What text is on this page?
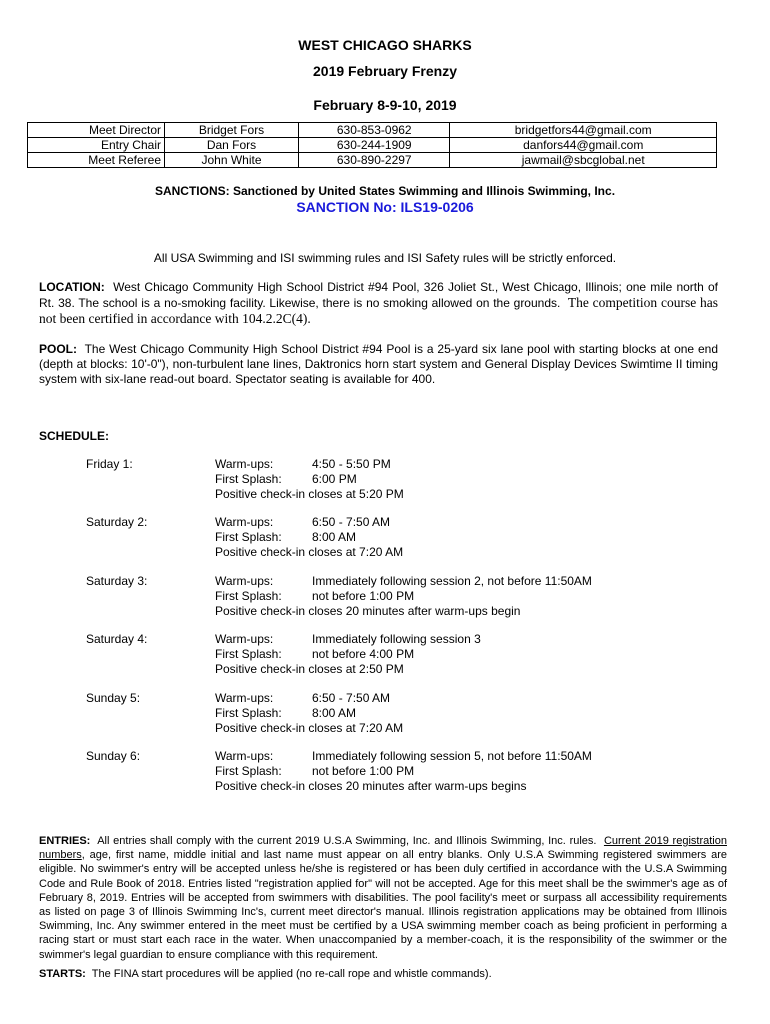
WEST CHICAGO SHARKS
2019 February Frenzy
February 8-9-10, 2019
Meet Director	Bridget Fors	630-853-0962	bridgetfors44@gmail.com
Entry Chair	Dan Fors	630-244-1909	danfors44@gmail.com
Meet Referee	John White	630-890-2297	jawmail@sbcglobal.net
SANCTIONS: Sanctioned by United States Swimming and Illinois Swimming, Inc.
SANCTION No: ILS19-0206
All USA Swimming and ISI swimming rules and ISI Safety rules will be strictly enforced.
LOCATION: West Chicago Community High School District #94 Pool, 326 Joliet St., West Chicago, Illinois; one mile north of Rt. 38. The school is a no-smoking facility. Likewise, there is no smoking allowed on the grounds. The competition course has not been certified in accordance with 104.2.2C(4).
POOL: The West Chicago Community High School District #94 Pool is a 25-yard six lane pool with starting blocks at one end (depth at blocks: 10'-0"), non-turbulent lane lines, Daktronics horn start system and General Display Devices Swimtime II timing system with six-lane read-out board. Spectator seating is available for 400.
SCHEDULE:
Friday 1:	Warm-ups:	4:50 - 5:50 PM
First Splash:	6:00 PM
Positive check-in closes at 5:20 PM
Saturday 2:	Warm-ups:	6:50 - 7:50 AM
First Splash:	8:00 AM
Positive check-in closes at 7:20 AM
Saturday 3:	Warm-ups:	Immediately following session 2, not before 11:50AM
First Splash:	not before 1:00 PM
Positive check-in closes 20 minutes after warm-ups begin
Saturday 4:	Warm-ups:	Immediately following session 3
First Splash:	not before 4:00 PM
Positive check-in closes at 2:50 PM
Sunday 5:	Warm-ups:	6:50 - 7:50 AM
First Splash:	8:00 AM
Positive check-in closes at 7:20 AM
Sunday 6:	Warm-ups:	Immediately following session 5, not before 11:50AM
First Splash:	not before 1:00 PM
Positive check-in closes 20 minutes after warm-ups begins
ENTRIES: All entries shall comply with the current 2019 U.S.A Swimming, Inc. and Illinois Swimming, Inc. rules. Current 2019 registration numbers, age, first name, middle initial and last name must appear on all entry blanks. Only U.S.A Swimming registered swimmers are eligible. No swimmer's entry will be accepted unless he/she is registered or has been duly certified in accordance with the U.S.A Swimming Code and Rule Book of 2018. Entries listed "registration applied for" will not be accepted. Age for this meet shall be the swimmer's age as of February 8, 2019. Entries will be accepted from swimmers with disabilities. The pool facility's meet or surpass all accessibility requirements as listed on page 3 of Illinois Swimming Inc's, current meet director's manual. Illinois registration applications may be obtained from Illinois Swimming, Inc. Any swimmer entered in the meet must be certified by a USA swimming member coach as being proficient in performing a racing start or must start each race in the water. When unaccompanied by a member-coach, it is the responsibility of the swimmer or the swimmer's legal guardian to ensure compliance with this requirement.
STARTS: The FINA start procedures will be applied (no re-call rope and whistle commands).
